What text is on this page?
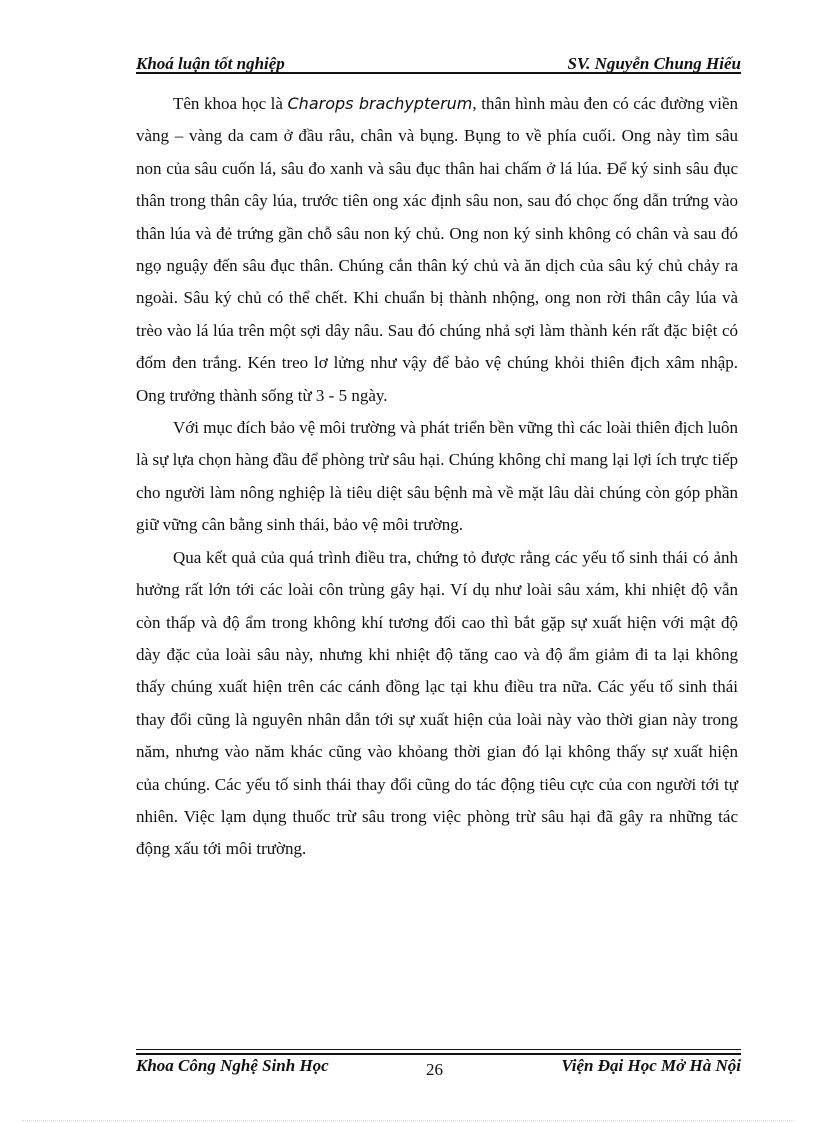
Khoá luận tốt nghiệp	SV. Nguyễn Chung Hiếu

Tên khoa học là Charops brachypterum, thân hình màu đen có các đường viền vàng – vàng da cam ở đầu râu, chân và bụng. Bụng to về phía cuối. Ong này tìm sâu non của sâu cuốn lá, sâu đo xanh và sâu đục thân hai chấm ở lá lúa. Để ký sinh sâu đục thân trong thân cây lúa, trước tiên ong xác định sâu non, sau đó chọc ống dẫn trứng vào thân lúa và đẻ trứng gần chỗ sâu non ký chủ. Ong non ký sinh không có chân và sau đó ngọ nguậy đến sâu đục thân. Chúng cắn thân ký chủ và ăn dịch của sâu ký chủ chảy ra ngoài. Sâu ký chủ có thể chết. Khi chuẩn bị thành nhộng, ong non rời thân cây lúa và trèo vào lá lúa trên một sợi dây nâu. Sau đó chúng nhả sợi làm thành kén rất đặc biệt có đốm đen trắng. Kén treo lơ lửng như vậy để bảo vệ chúng khỏi thiên địch xâm nhập. Ong trưởng thành sống từ 3 - 5 ngày.

Với mục đích bảo vệ môi trường và phát triển bền vững thì các loài thiên địch luôn là sự lựa chọn hàng đầu để phòng trừ sâu hại. Chúng không chỉ mang lại lợi ích trực tiếp cho người làm nông nghiệp là tiêu diệt sâu bệnh mà về mặt lâu dài chúng còn góp phần giữ vững cân bằng sinh thái, bảo vệ môi trường.

Qua kết quả của quá trình điều tra, chứng tỏ được rằng các yếu tố sinh thái có ảnh hưởng rất lớn tới các loài côn trùng gây hại. Ví dụ như loài sâu xám, khi nhiệt độ vẫn còn thấp và độ ẩm trong không khí tương đối cao thì bắt gặp sự xuất hiện với mật độ dày đặc của loài sâu này, nhưng khi nhiệt độ tăng cao và độ ẩm giảm đi ta lại không thấy chúng xuất hiện trên các cánh đồng lạc tại khu điều tra nữa. Các yếu tố sinh thái thay đổi cũng là nguyên nhân dẫn tới sự xuất hiện của loài này vào thời gian này trong năm, nhưng vào năm khác cũng vào khỏang thời gian đó lại không thấy sự xuất hiện của chúng. Các yếu tố sinh thái thay đổi cũng do tác động tiêu cực của con người tới tự nhiên. Việc lạm dụng thuốc trừ sâu trong việc phòng trừ sâu hại đã gây ra những tác động xấu tới môi trường.

Khoa Công Nghệ Sinh Học	26	Viện Đại Học Mở Hà Nội
